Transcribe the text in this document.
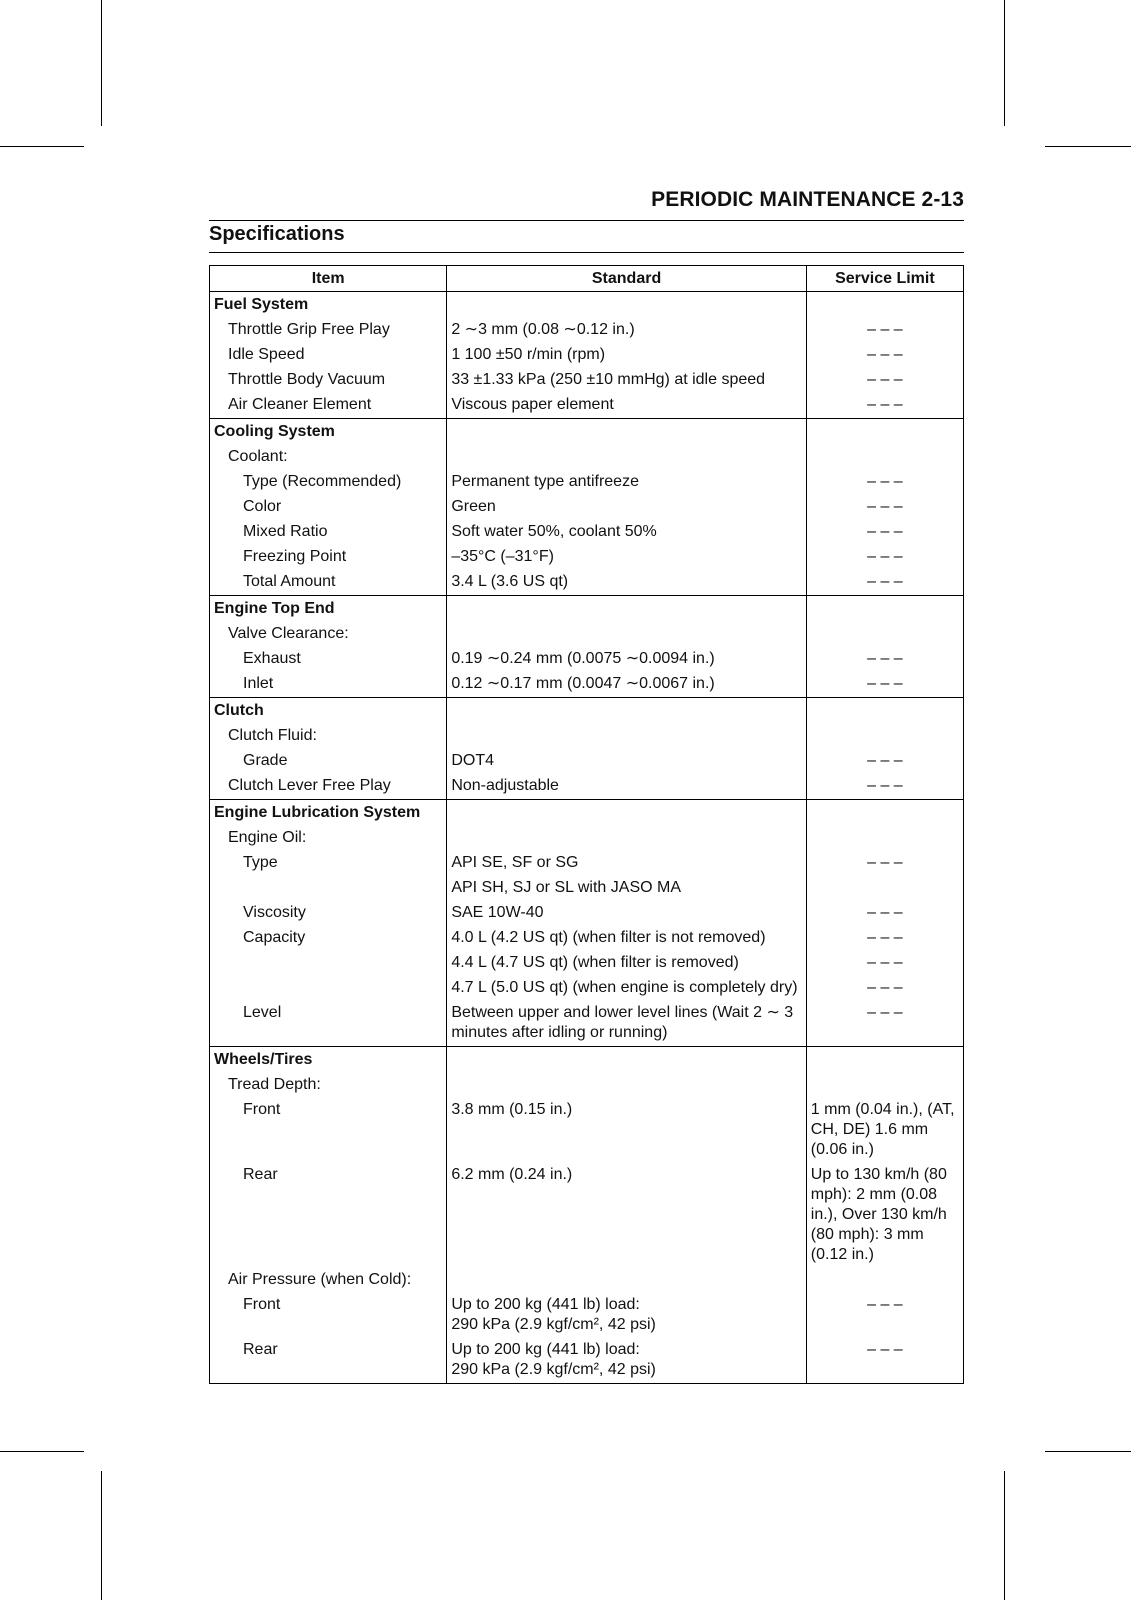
PERIODIC MAINTENANCE 2-13
Specifications
Item	Standard	Service Limit
Fuel System		

Throttle Grip Free Play	2 ∼3 mm (0.08 ∼0.12 in.)	– – –

Idle Speed	1 100 ±50 r/min (rpm)	– – –

Throttle Body Vacuum	33 ±1.33 kPa (250 ±10 mmHg) at idle speed	– – –

Air Cleaner Element	Viscous paper element	– – –
Cooling System		

Coolant:		

Type (Recommended)	Permanent type antifreeze	– – –

Color	Green	– – –

Mixed Ratio	Soft water 50%, coolant 50%	– – –

Freezing Point	–35°C (–31°F)	– – –

Total Amount	3.4 L (3.6 US qt)	– – –
Engine Top End		

Valve Clearance:		

Exhaust	0.19 ∼0.24 mm (0.0075 ∼0.0094 in.)	– – –

Inlet	0.12 ∼0.17 mm (0.0047 ∼0.0067 in.)	– – –
Clutch		

Clutch Fluid:		

Grade	DOT4	– – –

Clutch Lever Free Play	Non-adjustable	– – –
Engine Lubrication System		

Engine Oil:		

Type	API SE, SF or SG	– – –

	API SH, SJ or SL with JASO MA	

Viscosity	SAE 10W-40	– – –

Capacity	4.0 L (4.2 US qt) (when filter is not removed)	– – –

	4.4 L (4.7 US qt) (when filter is removed)	– – –

	4.7 L (5.0 US qt) (when engine is completely dry)	– – –

Level	Between upper and lower level lines (Wait 2 ∼ 3 minutes after idling or running)	– – –
Wheels/Tires		

Tread Depth:		

Front	3.8 mm (0.15 in.)	1 mm (0.04 in.), (AT, CH, DE) 1.6 mm (0.06 in.)

Rear	6.2 mm (0.24 in.)	Up to 130 km/h (80 mph): 2 mm (0.08 in.), Over 130 km/h (80 mph): 3 mm (0.12 in.)

Air Pressure (when Cold):		

Front	Up to 200 kg (441 lb) load:
290 kPa (2.9 kgf/cm², 42 psi)	– – –

Rear	Up to 200 kg (441 lb) load:
290 kPa (2.9 kgf/cm², 42 psi)	– – –
